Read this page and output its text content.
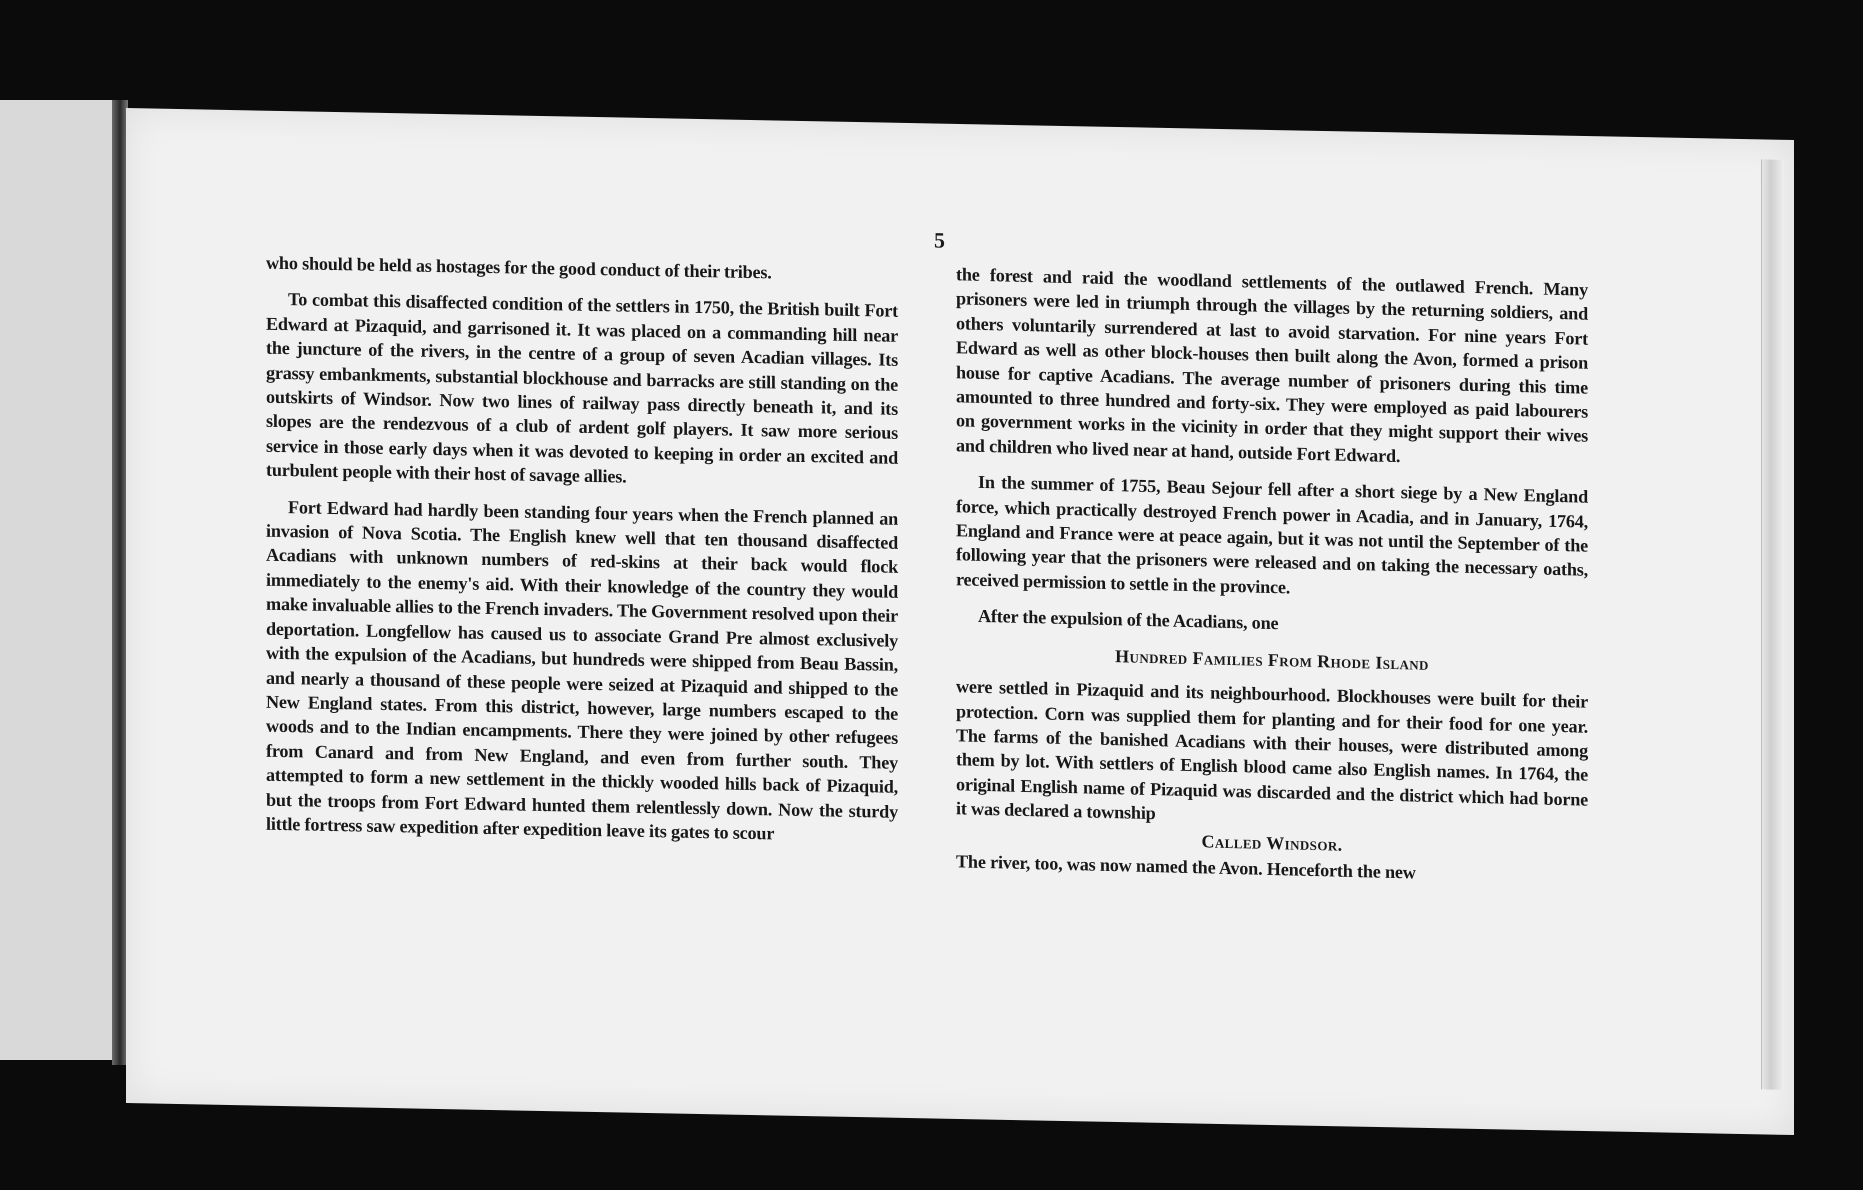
5

who should be held as hostages for the good conduct of their tribes.

To combat this disaffected condition of the settlers in 1750, the British built Fort Edward at Pizaquid, and garrisoned it. It was placed on a commanding hill near the juncture of the rivers, in the centre of a group of seven Acadian villages. Its grassy embankments, substantial blockhouse and barracks are still standing on the outskirts of Windsor. Now two lines of railway pass directly beneath it, and its slopes are the rendezvous of a club of ardent golf players. It saw more serious service in those early days when it was devoted to keeping in order an excited and turbulent people with their host of savage allies.

Fort Edward had hardly been standing four years when the French planned an invasion of Nova Scotia. The English knew well that ten thousand disaffected Acadians with unknown numbers of red-skins at their back would flock immediately to the enemy's aid. With their knowledge of the country they would make invaluable allies to the French invaders. The Government resolved upon their deportation. Longfellow has caused us to associate Grand Pre almost exclusively with the expulsion of the Acadians, but hundreds were shipped from Beau Bassin, and nearly a thousand of these people were seized at Pizaquid and shipped to the New England states. From this district, however, large numbers escaped to the woods and to the Indian encampments. There they were joined by other refugees from Canard and from New England, and even from further south. They attempted to form a new settlement in the thickly wooded hills back of Pizaquid, but the troops from Fort Edward hunted them relentlessly down. Now the sturdy little fortress saw expedition after expedition leave its gates to scour

the forest and raid the woodland settlements of the outlawed French. Many prisoners were led in triumph through the villages by the returning soldiers, and others voluntarily surrendered at last to avoid starvation. For nine years Fort Edward as well as other block-houses then built along the Avon, formed a prison house for captive Acadians. The average number of prisoners during this time amounted to three hundred and forty-six. They were employed as paid labourers on government works in the vicinity in order that they might support their wives and children who lived near at hand, outside Fort Edward.

In the summer of 1755, Beau Sejour fell after a short siege by a New England force, which practically destroyed French power in Acadia, and in January, 1764, England and France were at peace again, but it was not until the September of the following year that the prisoners were released and on taking the necessary oaths, received permission to settle in the province.

After the expulsion of the Acadians, one

Hundred Families From Rhode Island

were settled in Pizaquid and its neighbourhood. Blockhouses were built for their protection. Corn was supplied them for planting and for their food for one year. The farms of the banished Acadians with their houses, were distributed among them by lot. With settlers of English blood came also English names. In 1764, the original English name of Pizaquid was discarded and the district which had borne it was declared a township

Called Windsor.

The river, too, was now named the Avon. Henceforth the new
